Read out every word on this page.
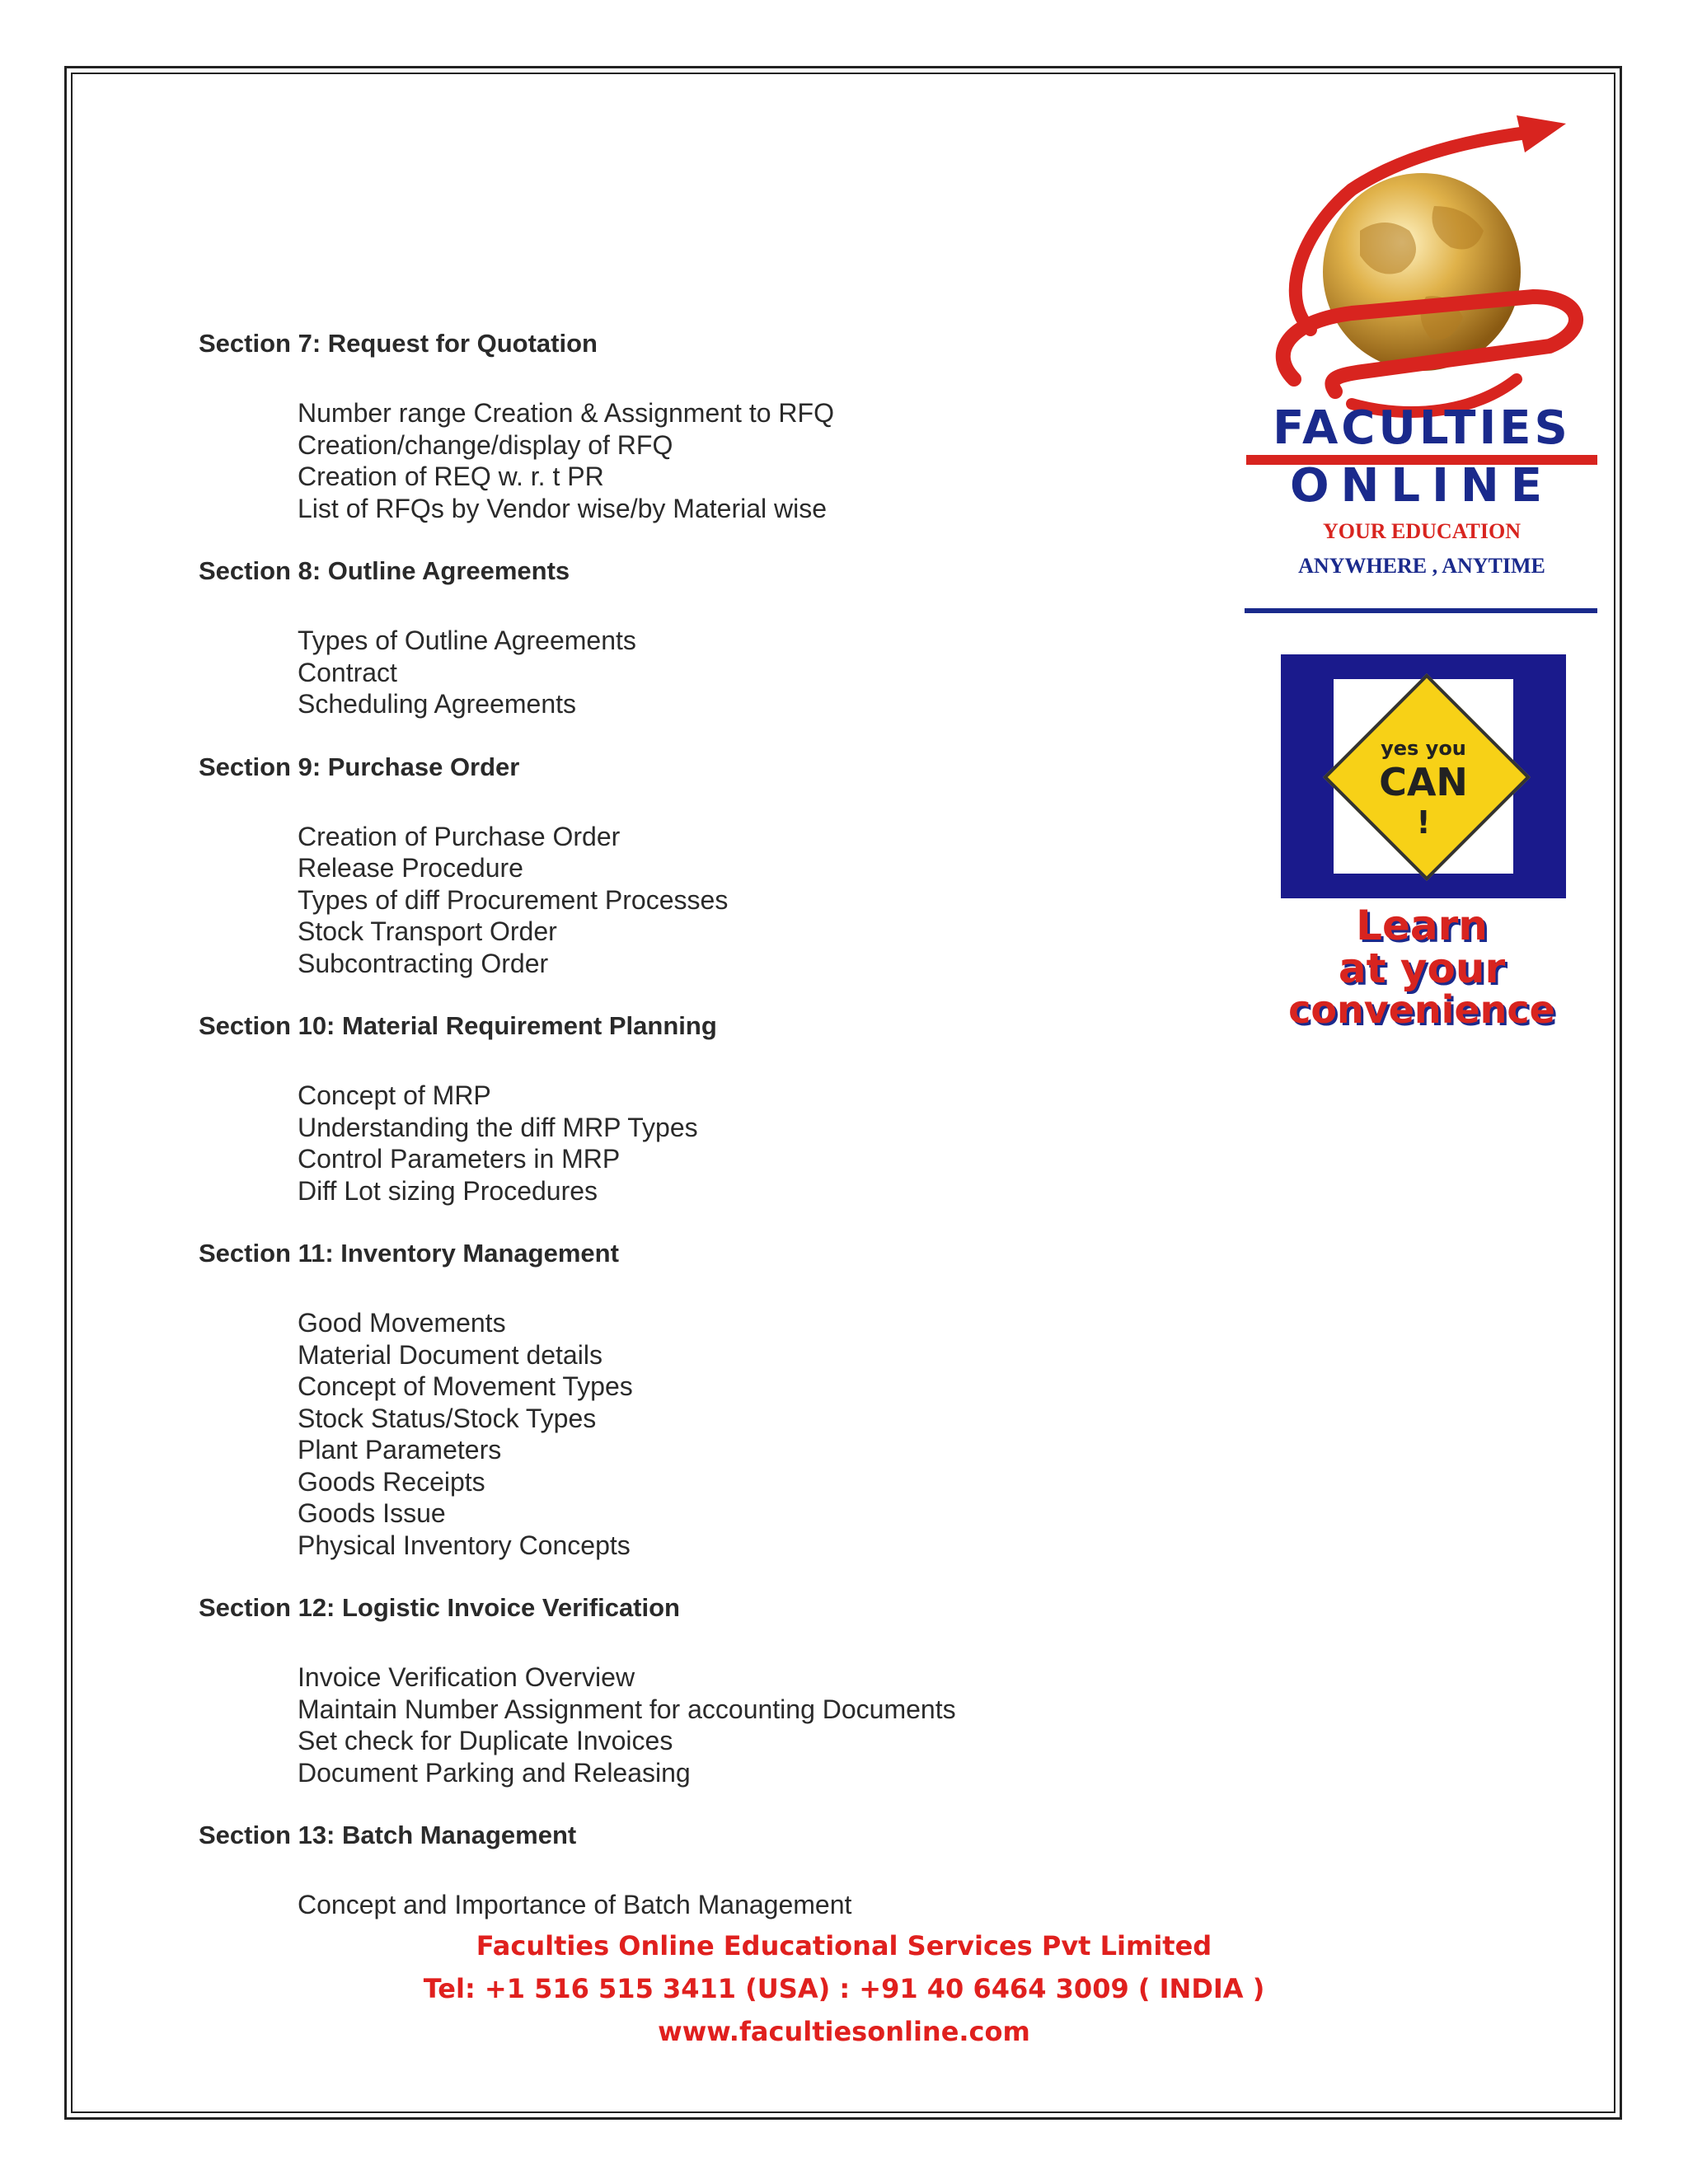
FACULTIES
ONLINE
YOUR EDUCATION
ANYWHERE , ANYTIME
yes you
CAN
!
Learn
at your
convenience
Section 7: Request for Quotation
Number range Creation & Assignment to RFQ
Creation/change/display of RFQ
Creation of REQ w. r. t PR
List of RFQs by Vendor wise/by Material wise
Section 8: Outline Agreements
Types of Outline Agreements
Contract
Scheduling Agreements
Section 9: Purchase Order
Creation of Purchase Order
Release Procedure
Types of diff Procurement Processes
Stock Transport Order
Subcontracting Order
Section 10: Material Requirement Planning
Concept of MRP
Understanding the diff MRP Types
Control Parameters in MRP
Diff Lot sizing Procedures
Section 11: Inventory Management
Good Movements
Material Document details
Concept of Movement Types
Stock Status/Stock Types
Plant Parameters
Goods Receipts
Goods Issue
Physical Inventory Concepts
Section 12: Logistic Invoice Verification
Invoice Verification Overview
Maintain Number Assignment for accounting Documents
Set check for Duplicate Invoices
Document Parking and Releasing
Section 13: Batch Management
Concept and Importance of Batch Management
Faculties Online Educational Services Pvt Limited
Tel: +1 516 515 3411 (USA) : +91 40 6464 3009 ( INDIA )
www.facultiesonline.com
